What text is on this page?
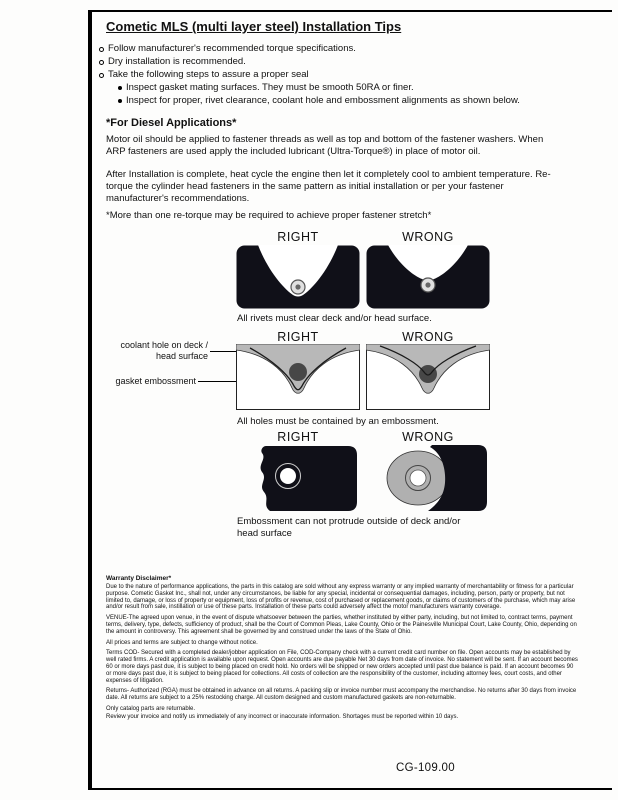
Cometic MLS (multi layer steel) Installation Tips
Follow manufacturer's recommended torque specifications.
Dry installation is recommended.
Take the following steps to assure a proper seal
Inspect gasket mating surfaces. They must be smooth 50RA or finer.
Inspect for proper, rivet clearance, coolant hole and embossment alignments as shown below.
*For Diesel Applications*
Motor oil should be applied to fastener threads as well as top and bottom of the fastener washers. When ARP fasteners are used apply the included lubricant (Ultra-Torque®) in place of motor oil.
After Installation is complete, heat cycle the engine then let it completely cool to ambient temperature. Re-torque the cylinder head fasteners in the same pattern as initial installation or per your fastener manufacturer's recommendations.
*More than one re-torque may be required to achieve proper fastener stretch*
RIGHT	WRONG
All rivets must clear deck and/or head surface.
coolant hole on deck / head surface
gasket embossment
RIGHT	WRONG
All holes must be contained by an embossment.
RIGHT	WRONG
Embossment can not protrude outside of deck and/or head surface
Warranty Disclaimer*

Due to the nature of performance applications, the parts in this catalog are sold without any express warranty or any implied warranty of merchantability or fitness for a particular purpose. Cometic Gasket Inc., shall not, under any circumstances, be liable for any special, incidental or consequential damages, including, person, party or property, but not limited to, damage, or loss of property or equipment, loss of profits or revenue, cost of purchased or replacement goods, or claims of customers of the purchase, which may arise and/or result from sale, instillation or use of these parts. Installation of these parts could adversely affect the motor manufacturers warranty coverage.

VENUE-The agreed upon venue, in the event of dispute whatsoever between the parties, whether instituted by either party, including, but not limited to, contract terms, payment terms, delivery, type, defects, sufficiency of product, shall be the Court of Common Pleas, Lake County, Ohio or the Painesville Municipal Court, Lake County, Ohio, depending on the amount in controversy. This agreement shall be governed by and construed under the laws of the State of Ohio.

All prices and terms are subject to change without notice.

Terms COD- Secured with a completed dealer/jobber application on File, COD-Company check with a current credit card number on file. Open accounts may be established by well rated firms. A credit application is available upon request. Open accounts are due payable Net 30 days from date of invoice. No statement will be sent. If an account becomes 60 or more days past due, it is subject to being placed on credit hold. No orders will be shipped or new orders accepted until past due balance is paid. If an account becomes 90 or more days past due, it is subject to being placed for collections. All costs of collection are the responsibility of the customer, including attorney fees, court costs, and other expenses of litigation.

Returns- Authorized (RGA) must be obtained in advance on all returns. A packing slip or invoice number must accompany the merchandise. No returns after 30 days from invoice date. All returns are subject to a 25% restocking charge. All custom designed and custom manufactured gaskets are non-returnable.

Only catalog parts are returnable.

Review your invoice and notify us immediately of any incorrect or inaccurate information. Shortages must be reported within 10 days.

CG-109.00
